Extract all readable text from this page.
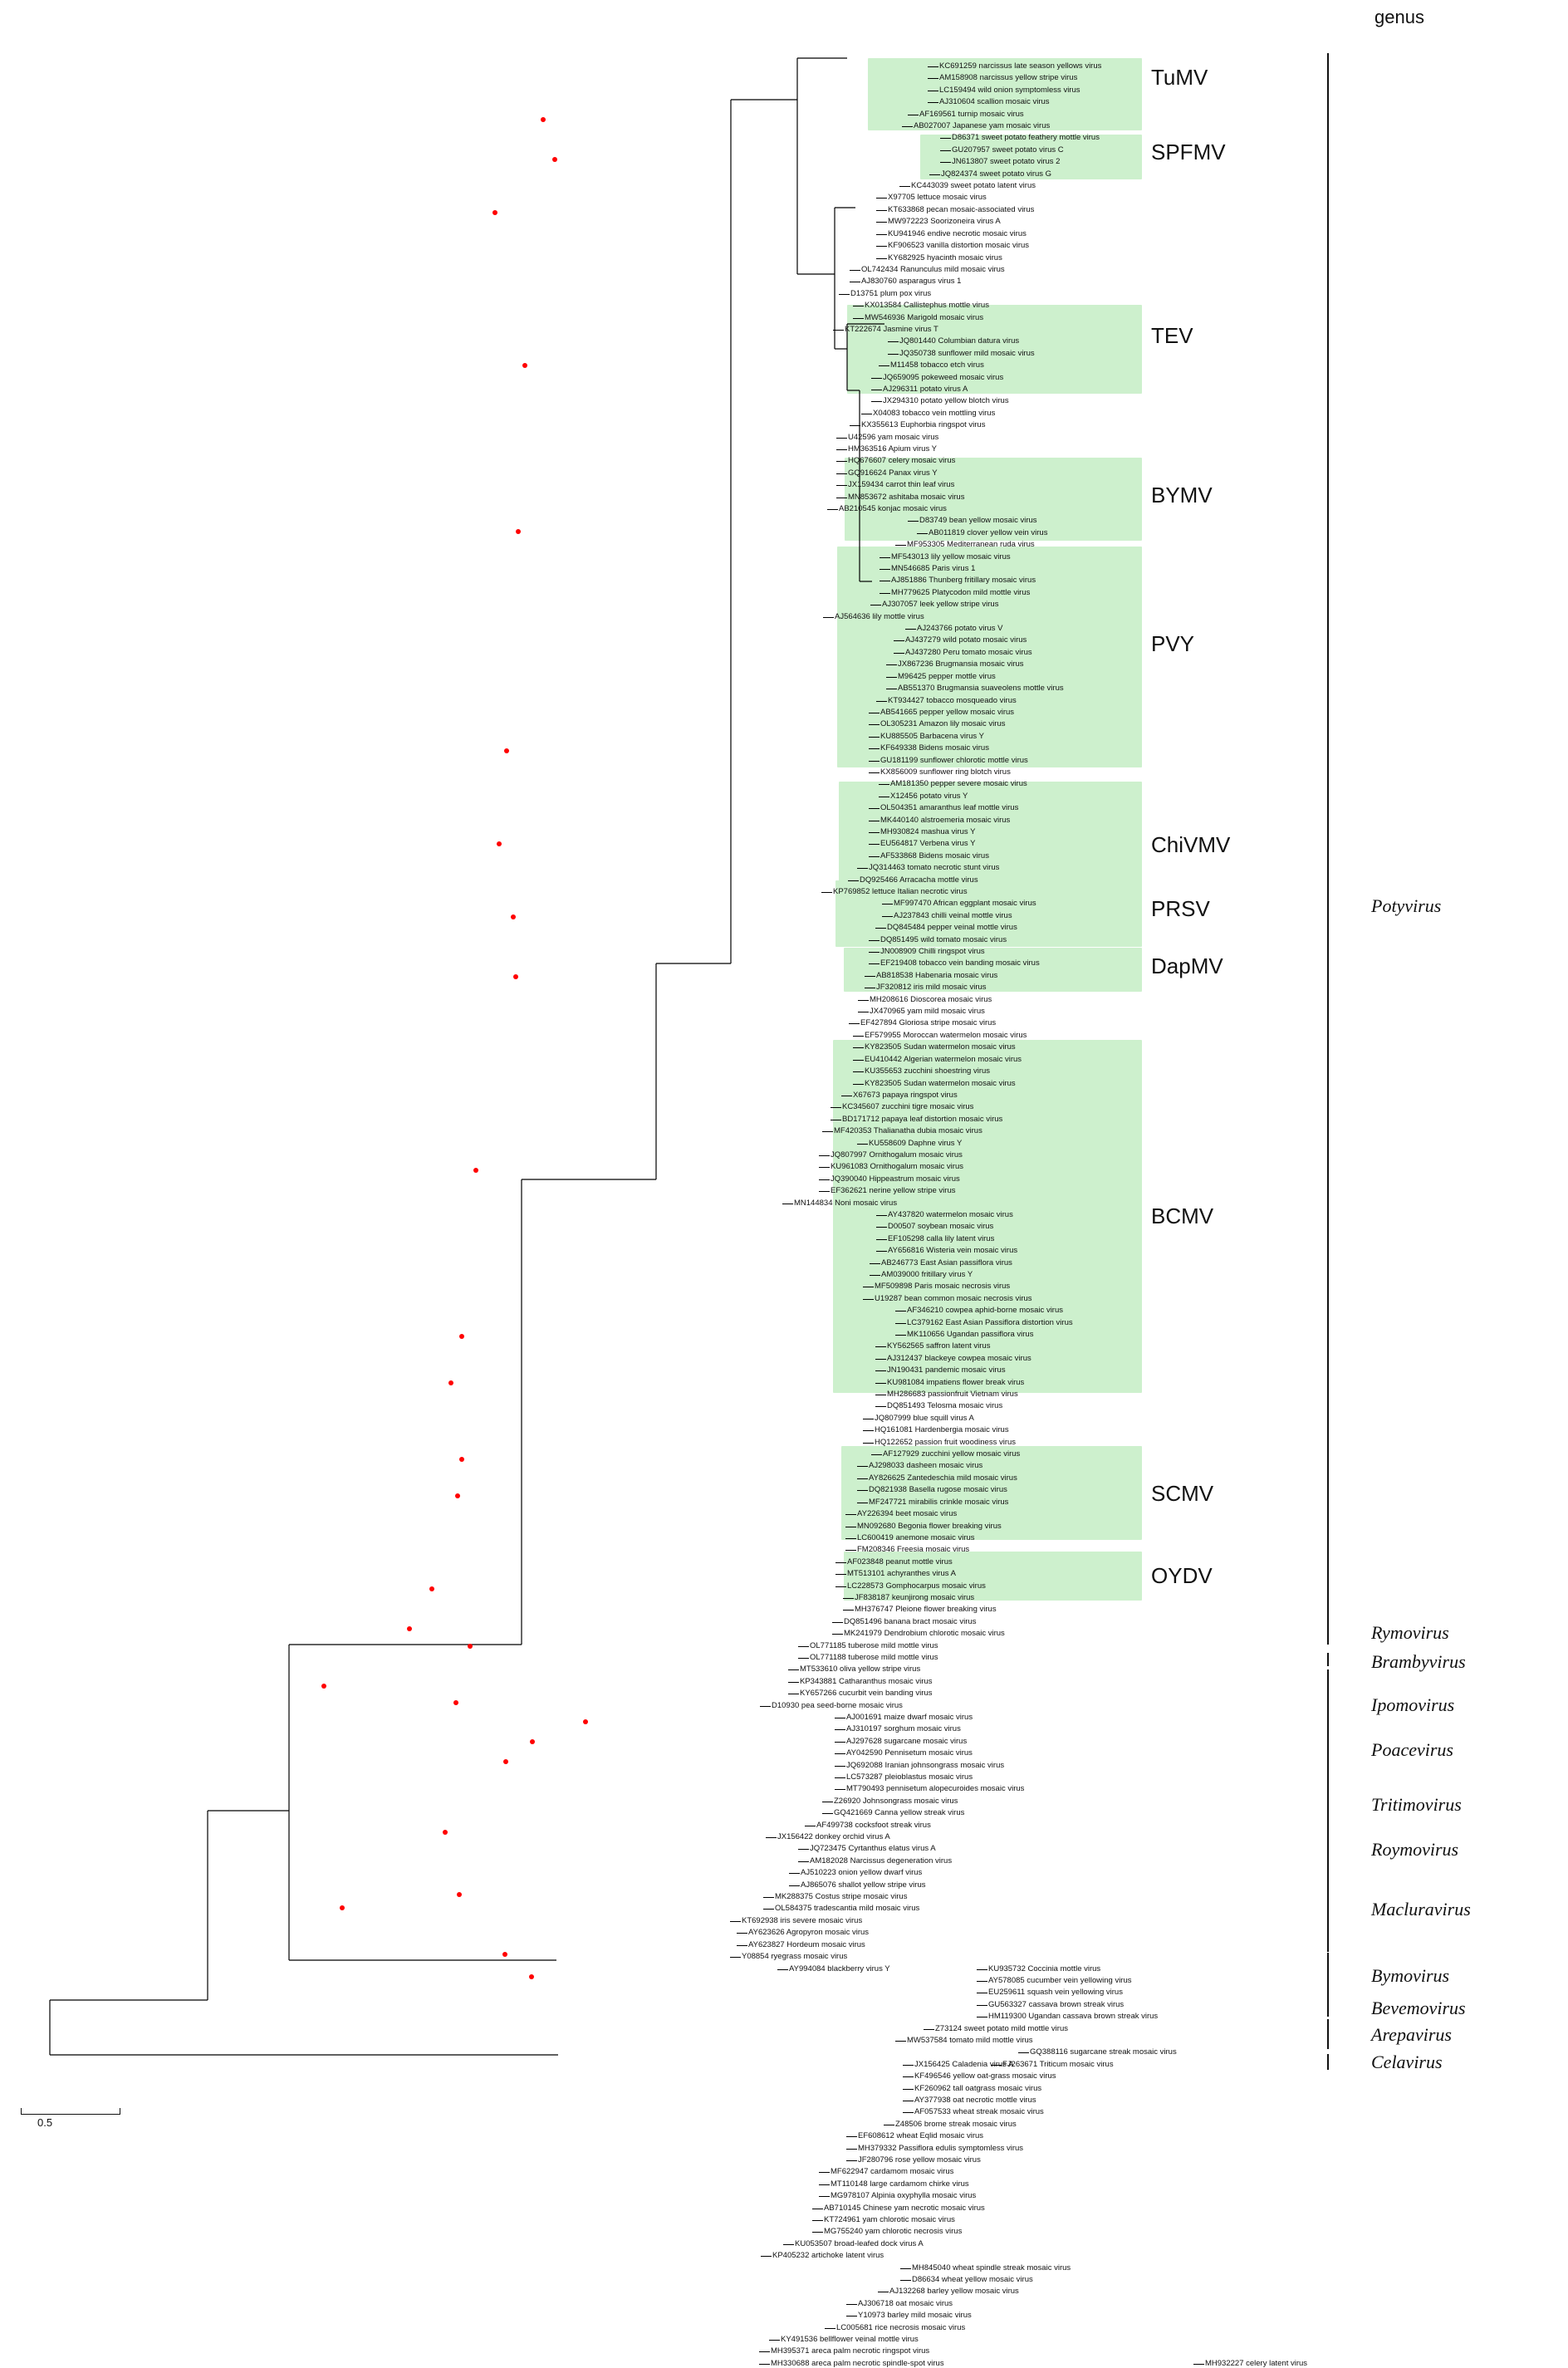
KC691259 narcissus late season yellows virus
AM158908 narcissus yellow stripe virus
LC159494 wild onion symptomless virus
AJ310604 scallion mosaic virus
AF169561 turnip mosaic virus
AB027007 Japanese yam mosaic virus
D86371 sweet potato feathery mottle virus
GU207957 sweet potato virus C
JN613807 sweet potato virus 2
JQ824374 sweet potato virus G
KC443039 sweet potato latent virus
X97705 lettuce mosaic virus
KT633868 pecan mosaic-associated virus
MW972223 Soorizoneira virus A
KU941946 endive necrotic mosaic virus
KF906523 vanilla distortion mosaic virus
KY682925 hyacinth mosaic virus
OL742434 Ranunculus mild mosaic virus
AJ830760 asparagus virus 1
D13751 plum pox virus
KX013584 Callistephus mottle virus
MW546936 Marigold mosaic virus
KT222674 Jasmine virus T
JQ801440 Columbian datura virus
JQ350738 sunflower mild mosaic virus
M11458 tobacco etch virus
JQ659095 pokeweed mosaic virus
AJ296311 potato virus A
JX294310 potato yellow blotch virus
X04083 tobacco vein mottling virus
KX355613 Euphorbia ringspot virus
U42596 yam mosaic virus
HM363516 Apium virus Y
HQ676607 celery mosaic virus
GQ916624 Panax virus Y
JX159434 carrot thin leaf virus
MN853672 ashitaba mosaic virus
AB210545 konjac mosaic virus
D83749 bean yellow mosaic virus
AB011819 clover yellow vein virus
MF953305 Mediterranean ruda virus
MF543013 lily yellow mosaic virus
MN546685 Paris virus 1
AJ851886 Thunberg fritillary mosaic virus
MH779625 Platycodon mild mottle virus
AJ307057 leek yellow stripe virus
AJ564636 lily mottle virus
AJ243766 potato virus V
AJ437279 wild potato mosaic virus
AJ437280 Peru tomato mosaic virus
JX867236 Brugmansia mosaic virus
M96425 pepper mottle virus
AB551370 Brugmansia suaveolens mottle virus
KT934427 tobacco mosqueado virus
AB541665 pepper yellow mosaic virus
OL305231 Amazon lily mosaic virus
KU885505 Barbacena virus Y
KF649338 Bidens mosaic virus
GU181199 sunflower chlorotic mottle virus
KX856009 sunflower ring blotch virus
AM181350 pepper severe mosaic virus
X12456 potato virus Y
OL504351 amaranthus leaf mottle virus
MK440140 alstroemeria mosaic virus
MH930824 mashua virus Y
EU564817 Verbena virus Y
AF533868 Bidens mosaic virus
JQ314463 tomato necrotic stunt virus
DQ925466 Arracacha mottle virus
KP769852 lettuce Italian necrotic virus
MF997470 African eggplant mosaic virus
AJ237843 chilli veinal mottle virus
DQ845484 pepper veinal mottle virus
DQ851495 wild tomato mosaic virus
JN008909 Chilli ringspot virus
EF219408 tobacco vein banding mosaic virus
AB818538 Habenaria mosaic virus
JF320812 iris mild mosaic virus
MH208616 Dioscorea mosaic virus
JX470965 yam mild mosaic virus
EF427894 Gloriosa stripe mosaic virus
EF579955 Moroccan watermelon mosaic virus
KY823505 Sudan watermelon mosaic virus
EU410442 Algerian watermelon mosaic virus
KU355653 zucchini shoestring virus
KY823505 Sudan watermelon mosaic virus
X67673 papaya ringspot virus
KC345607 zucchini tigre mosaic virus
BD171712 papaya leaf distortion mosaic virus
MF420353 Thalianatha dubia mosaic virus
KU558609 Daphne virus Y
JQ807997 Ornithogalum mosaic virus
KU961083 Ornithogalum mosaic virus
JQ390040 Hippeastrum mosaic virus
EF362621 nerine yellow stripe virus
MN144834 Noni mosaic virus
AY437820 watermelon mosaic virus
D00507 soybean mosaic virus
EF105298 calla lily latent virus
AY656816 Wisteria vein mosaic virus
AB246773 East Asian passiflora virus
AM039000 fritillary virus Y
MF509898 Paris mosaic necrosis virus
U19287 bean common mosaic necrosis virus
AF346210 cowpea aphid-borne mosaic virus
LC379162 East Asian Passiflora distortion virus
MK110656 Ugandan passiflora virus
KY562565 saffron latent virus
AJ312437 blackeye cowpea mosaic virus
JN190431 pandemic mosaic virus
KU981084 impatiens flower break virus
MH286683 passionfruit Vietnam virus
DQ851493 Telosma mosaic virus
JQ807999 blue squill virus A
HQ161081 Hardenbergia mosaic virus
HQ122652 passion fruit woodiness virus
AF127929 zucchini yellow mosaic virus
AJ298033 dasheen mosaic virus
AY826625 Zantedeschia mild mosaic virus
DQ821938 Basella rugose mosaic virus
MF247721 mirabilis crinkle mosaic virus
AY226394 beet mosaic virus
MN092680 Begonia flower breaking virus
LC600419 anemone mosaic virus
FM208346 Freesia mosaic virus
AF023848 peanut mottle virus
MT513101 achyranthes virus A
LC228573 Gomphocarpus mosaic virus
JF838187 keunjirong mosaic virus
MH376747 Pleione flower breaking virus
DQ851496 banana bract mosaic virus
MK241979 Dendrobium chlorotic mosaic virus
OL771185 tuberose mild mottle virus
OL771188 tuberose mild mottle virus
MT533610 oliva yellow stripe virus
KP343881 Catharanthus mosaic virus
KY657266 cucurbit vein banding virus
D10930 pea seed-borne mosaic virus
AJ001691 maize dwarf mosaic virus
AJ310197 sorghum mosaic virus
AJ297628 sugarcane mosaic virus
AY042590 Pennisetum mosaic virus
JQ692088 Iranian johnsongrass mosaic virus
LC573287 pleioblastus mosaic virus
MT790493 pennisetum alopecuroides mosaic virus
Z26920 Johnsongrass mosaic virus
GQ421669 Canna yellow streak virus
AF499738 cocksfoot streak virus
JX156422 donkey orchid virus A
JQ723475 Cyrtanthus elatus virus A
AM182028 Narcissus degeneration virus
AJ510223 onion yellow dwarf virus
AJ865076 shallot yellow stripe virus
MK288375 Costus stripe mosaic virus
OL584375 tradescantia mild mosaic virus
KT692938 iris severe mosaic virus
AY623626 Agropyron mosaic virus
AY623827 Hordeum mosaic virus
Y08854 ryegrass mosaic virus
AY994084 blackberry virus Y	KU935732 Coccinia mottle virus
AY578085 cucumber vein yellowing virus
EU259611 squash vein yellowing virus
GU563327 cassava brown streak virus
HM119300 Ugandan cassava brown streak virus
Z73124 sweet potato mild mottle virus
MW537584 tomato mild mottle virus
GQ388116 sugarcane streak mosaic virus
FJ263671 Triticum mosaic virus
KF496546 yellow oat-grass mosaic virus
JX156425 Caladenia virus A
KF260962 tall oatgrass mosaic virus
AY377938 oat necrotic mottle virus
AF057533 wheat streak mosaic virus
Z48506 brome streak mosaic virus
EF608612 wheat Eqlid mosaic virus
MH379332 Passiflora edulis symptomless virus
JF280796 rose yellow mosaic virus
MF622947 cardamom mosaic virus
MT110148 large cardamom chirke virus
MG978107 Alpinia oxyphylla mosaic virus
AB710145 Chinese yam necrotic mosaic virus
KT724961 yam chlorotic mosaic virus
MG755240 yam chlorotic necrosis virus
KU053507 broad-leafed dock virus A
KP405232 artichoke latent virus
MH845040 wheat spindle streak mosaic virus
D86634 wheat yellow mosaic virus
AJ132268 barley yellow mosaic virus
AJ306718 oat mosaic virus
Y10973 barley mild mosaic virus
LC005681 rice necrosis mosaic virus
KY491536 bellflower veinal mottle virus
MH395371 areca palm necrotic ringspot virus
MH330688 areca palm necrotic spindle-spot virus	MH932227 celery latent virus
TuMV
SPFMV
TEV
BYMV
PVY
ChiVMV
PRSV
DapMV
BCMV
SCMV
OYDV
Potyvirus
Rymovirus
Brambyvirus
Ipomovirus
Poacevirus
Tritimovirus
Roymovirus
Macluravirus
Bymovirus
Bevemovirus
Arepavirus
Celavirus
genus
0.5
